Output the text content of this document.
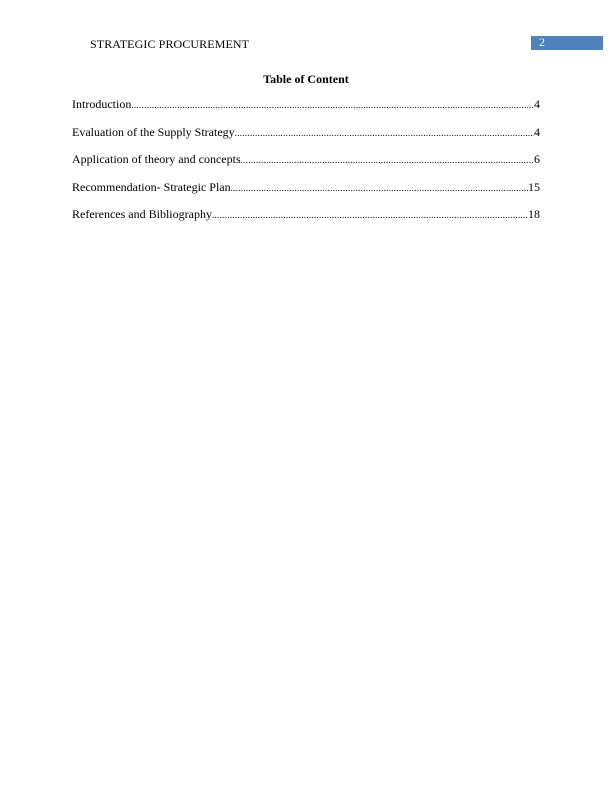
STRATEGIC PROCUREMENT	2
Table of Content
Introduction .....	4
Evaluation of the Supply Strategy .....	4
Application of theory and concepts .....	6
Recommendation- Strategic Plan .....	15
References and Bibliography .....	18
